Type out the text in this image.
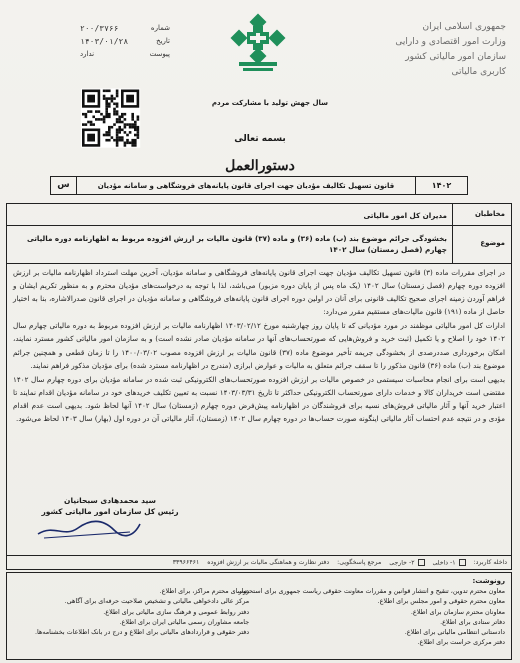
جمهوری اسلامی ایران
وزارت امور اقتصادی و دارایی
سازمان امور مالیاتی کشور
کاربری مالیاتی
شماره
۲۰۰/۳۷۶۶
تاریخ
۱۴۰۳/۰۱/۲۸
پیوست
ندارد
سال جهش تولید با مشارکت مردم
بسمه تعالی
دستورالعمل
۱۴۰۲
قانون تسهیل تکالیف مؤدیان جهت اجرای قانون پایانه‌های فروشگاهی و سامانه مؤدیان
س
مخاطبان
مدیران کل امور مالیاتی
موضوع
بخشودگی جرائم موضوع بند (ب) ماده (۳۶) و ماده (۳۷) قانون مالیات بر ارزش افزوده مربوط به اظهارنامه دوره مالیاتی چهارم (فصل زمستان) سال ۱۴۰۲

در اجرای مقررات ماده (۳) قانون تسهیل تکالیف مؤدیان جهت اجرای قانون پایانه‌های فروشگاهی و سامانه مؤدیان، آخرین مهلت استرداد اظهارنامه مالیات بر ارزش افزوده دوره چهارم (فصل زمستان) سال ۱۴۰۲ (یک ماه پس از پایان دوره مزبور) می‌باشد، لذا با توجه به درخواست‌های مؤدیان محترم و به منظور تکریم ایشان و فراهم آوردن زمینه اجرای صحیح تکالیف قانونی برای آنان در اولین دوره اجرای قانون پایانه‌های فروشگاهی و سامانه مؤدیان در اجرای قانون صدرالاشاره، بنا به اختیار حاصل از ماده (۱۹۱) قانون مالیات‌های مستقیم مقرر می‌دارد:

ادارات کل امور مالیاتی موظفند در مورد مؤدیانی که تا پایان روز چهارشنبه مورخ ۱۴۰۳/۰۲/۱۲ اظهارنامه مالیات بر ارزش افزوده مربوط به دوره مالیاتی چهارم سال ۱۴۰۲ خود را اصلاح و یا تکمیل (ثبت خرید و فروش‌هایی که صورتحساب‌های آنها در سامانه مؤدیان صادر نشده است) و به سازمان امور مالیاتی کشور مسترد نمایند، امکان برخورداری صددرصدی از بخشودگی جریمه تأخیر موضوع ماده (۳۷) قانون مالیات بر ارزش افزوده مصوب ۱۴۰۰/۰۳/۰۲ را تا زمان قطعی و همچنین جرائم موضوع بند (ب) ماده (۳۶) قانون مذکور را تا سقف جرائم متعلق به مالیات و عوارض ابرازی (مندرج در اظهارنامه مسترد شده) برای مؤدیان مذکور فراهم نمایند.

بدیهی است برای انجام محاسبات سیستمی در خصوص مالیات بر ارزش افزوده صورتحساب‌های الکترونیکی ثبت شده در سامانه مؤدیان برای دوره چهارم سال ۱۴۰۲ مقتضی است خریداران کالا و خدمات دارای صورتحساب الکترونیکی حداکثر تا تاریخ ۱۴۰۳/۰۳/۳۱ نسبت به تعیین تکلیف خریدهای خود در سامانه مؤدیان اقدام نمایند تا اعتبار خرید آنها و آثار مالیاتی فروش‌های نسیه برای فروشندگان در اظهارنامه پیش‌فرض دوره چهارم (زمستان) سال ۱۴۰۲ آنها لحاظ شود. بدیهی است عدم اقدام مؤدی و در نتیجه عدم احتساب آثار مالیاتی اینگونه صورت حساب‌ها در دوره چهارم سال ۱۴۰۲ (زمستان)، آثار مالیاتی آن در دوره اول (بهار) سال ۱۴۰۳ لحاظ می‌شود.

سید محمدهادی سبحانیان
رئیس کل سازمان امور مالیاتی کشور
داخله کاربرد:
۱- داخلی
۲- خارجی
مرجع پاسخگویی:
دفتر نظارت و هماهنگی مالیات بر ارزش افزوده
۳۳۹۶۶۴۶۱
رونوشت:
معاون محترم تدوین، تنقیح و انتشار قوانین و مقررات معاونت حقوقی ریاست جمهوری برای استحضار.
معاون محترم حقوقی و امور مجلس برای اطلاع.
معاونان محترم سازمان برای اطلاع.
دفاتر ستادی برای اطلاع.
دادستانی انتظامی مالیاتی برای اطلاع.
دفتر مرکزی حراست برای اطلاع.
روسای محترم مراکز، برای اطلاع.
مرکز عالی دادخواهی مالیاتی و تشخیص صلاحیت حرفه‌ای برای آگاهی.
دفتر روابط عمومی و فرهنگ سازی مالیاتی برای اطلاع.
جامعه مشاوران رسمی مالیاتی ایران برای اطلاع.
دفتر حقوقی و قراردادهای مالیاتی برای اطلاع و درج در بانک اطلاعات بخشنامه‌ها.
